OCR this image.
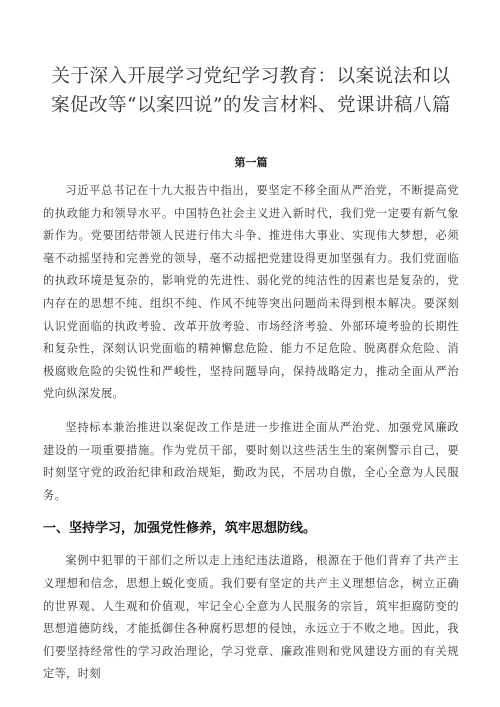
关于深入开展学习党纪学习教育：以案说法和以案促改等“以案四说”的发言材料、党课讲稿八篇
第一篇

习近平总书记在十九大报告中指出，要坚定不移全面从严治党，不断提高党的执政能力和领导水平。中国特色社会主义进入新时代，我们党一定要有新气象新作为。党要团结带领人民进行伟大斗争、推进伟大事业、实现伟大梦想，必须毫不动摇坚持和完善党的领导，毫不动摇把党建设得更加坚强有力。我们党面临的执政环境是复杂的，影响党的先进性、弱化党的纯洁性的因素也是复杂的，党内存在的思想不纯、组织不纯、作风不纯等突出问题尚未得到根本解决。要深刻认识党面临的执政考验、改革开放考验、市场经济考验、外部环境考验的长期性和复杂性，深刻认识党面临的精神懈怠危险、能力不足危险、脱离群众危险、消极腐败危险的尖锐性和严峻性，坚持问题导向，保持战略定力，推动全面从严治党向纵深发展。

坚持标本兼治推进以案促改工作是进一步推进全面从严治党、加强党风廉政建设的一项重要措施。作为党员干部，要时刻以这些活生生的案例警示自己，要时刻坚守党的政治纪律和政治规矩，勤政为民，不居功自傲，全心全意为人民服务。

一、坚持学习，加强党性修养，筑牢思想防线。

案例中犯罪的干部们之所以走上违纪违法道路，根源在于他们背弃了共产主义理想和信念，思想上蜕化变质。我们要有坚定的共产主义理想信念，树立正确的世界观、人生观和价值观，牢记全心全意为人民服务的宗旨，筑牢拒腐防变的思想道德防线，才能抵御住各种腐朽思想的侵蚀，永远立于不败之地。因此，我们要坚持经常性的学习政治理论，学习党章、廉政准则和党风建设方面的有关规定等，时刻
